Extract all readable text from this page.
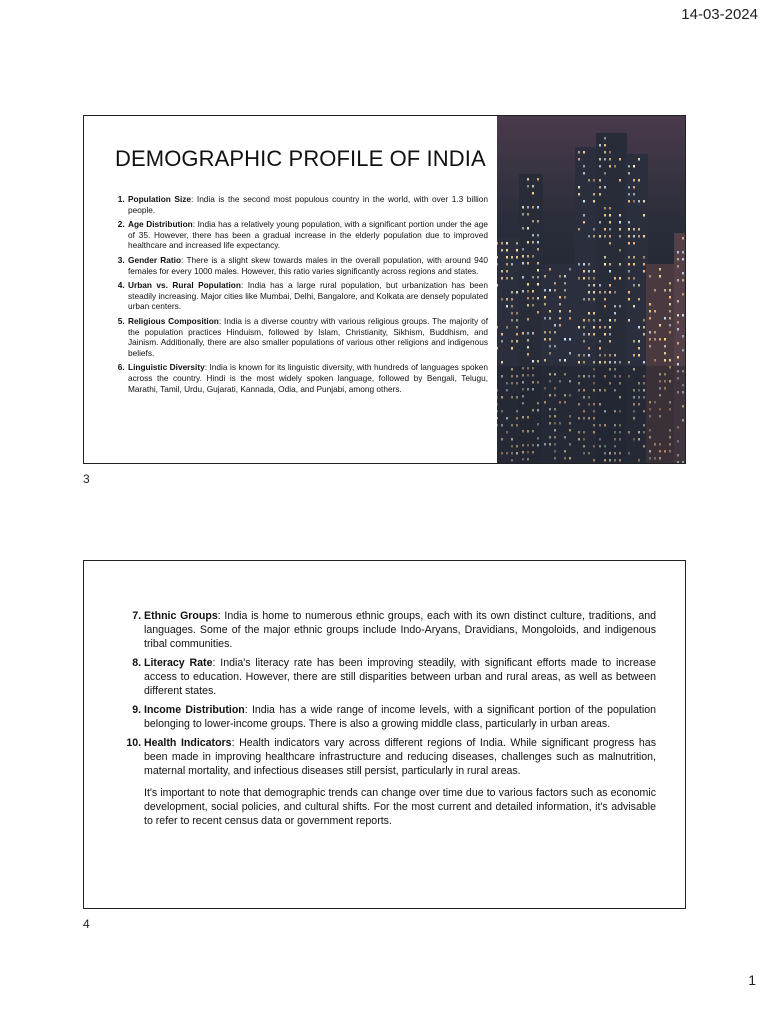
14-03-2024
DEMOGRAPHIC PROFILE OF INDIA
1. Population Size: India is the second most populous country in the world, with over 1.3 billion people.
2. Age Distribution: India has a relatively young population, with a significant portion under the age of 35. However, there has been a gradual increase in the elderly population due to improved healthcare and increased life expectancy.
3. Gender Ratio: There is a slight skew towards males in the overall population, with around 940 females for every 1000 males. However, this ratio varies significantly across regions and states.
4. Urban vs. Rural Population: India has a large rural population, but urbanization has been steadily increasing. Major cities like Mumbai, Delhi, Bangalore, and Kolkata are densely populated urban centers.
5. Religious Composition: India is a diverse country with various religious groups. The majority of the population practices Hinduism, followed by Islam, Christianity, Sikhism, Buddhism, and Jainism. Additionally, there are also smaller populations of various other religions and indigenous beliefs.
6. Linguistic Diversity: India is known for its linguistic diversity, with hundreds of languages spoken across the country. Hindi is the most widely spoken language, followed by Bengali, Telugu, Marathi, Tamil, Urdu, Gujarati, Kannada, Odia, and Punjabi, among others.
3
7. Ethnic Groups: India is home to numerous ethnic groups, each with its own distinct culture, traditions, and languages. Some of the major ethnic groups include Indo-Aryans, Dravidians, Mongoloids, and indigenous tribal communities.
8. Literacy Rate: India's literacy rate has been improving steadily, with significant efforts made to increase access to education. However, there are still disparities between urban and rural areas, as well as between different states.
9. Income Distribution: India has a wide range of income levels, with a significant portion of the population belonging to lower-income groups. There is also a growing middle class, particularly in urban areas.
10. Health Indicators: Health indicators vary across different regions of India. While significant progress has been made in improving healthcare infrastructure and reducing diseases, challenges such as malnutrition, maternal mortality, and infectious diseases still persist, particularly in rural areas.

It's important to note that demographic trends can change over time due to various factors such as economic development, social policies, and cultural shifts. For the most current and detailed information, it's advisable to refer to recent census data or government reports.

4
1
